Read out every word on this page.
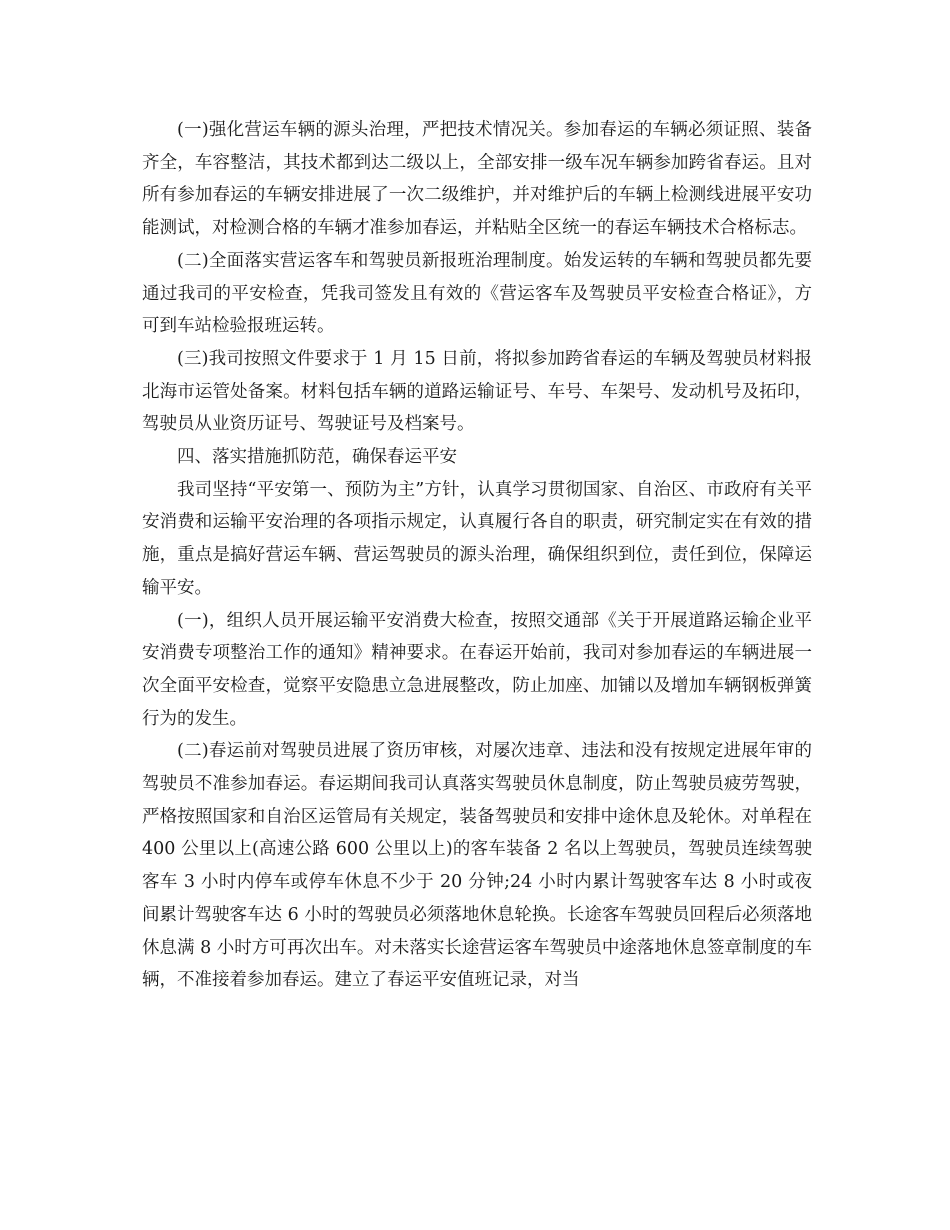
(一)强化营运车辆的源头治理，严把技术情况关。参加春运的车辆必须证照、装备齐全，车容整洁，其技术都到达二级以上，全部安排一级车况车辆参加跨省春运。且对所有参加春运的车辆安排进展了一次二级维护，并对维护后的车辆上检测线进展平安功能测试，对检测合格的车辆才准参加春运，并粘贴全区统一的春运车辆技术合格标志。

(二)全面落实营运客车和驾驶员新报班治理制度。始发运转的车辆和驾驶员都先要通过我司的平安检查，凭我司签发且有效的《营运客车及驾驶员平安检查合格证》，方可到车站检验报班运转。

(三)我司按照文件要求于 1 月 15 日前，将拟参加跨省春运的车辆及驾驶员材料报北海市运管处备案。材料包括车辆的道路运输证号、车号、车架号、发动机号及拓印，驾驶员从业资历证号、驾驶证号及档案号。

四、落实措施抓防范，确保春运平安

我司坚持“平安第一、预防为主”方针，认真学习贯彻国家、自治区、市政府有关平安消费和运输平安治理的各项指示规定，认真履行各自的职责，研究制定实在有效的措施，重点是搞好营运车辆、营运驾驶员的源头治理，确保组织到位，责任到位，保障运输平安。

(一)，组织人员开展运输平安消费大检查，按照交通部《关于开展道路运输企业平安消费专项整治工作的通知》精神要求。在春运开始前，我司对参加春运的车辆进展一次全面平安检查，觉察平安隐患立急进展整改，防止加座、加铺以及增加车辆钢板弹簧行为的发生。

(二)春运前对驾驶员进展了资历审核，对屡次违章、违法和没有按规定进展年审的驾驶员不准参加春运。春运期间我司认真落实驾驶员休息制度，防止驾驶员疲劳驾驶，严格按照国家和自治区运管局有关规定，装备驾驶员和安排中途休息及轮休。对单程在 400 公里以上(高速公路 600 公里以上)的客车装备 2 名以上驾驶员，驾驶员连续驾驶客车 3 小时内停车或停车休息不少于 20 分钟;24 小时内累计驾驶客车达 8 小时或夜间累计驾驶客车达 6 小时的驾驶员必须落地休息轮换。长途客车驾驶员回程后必须落地休息满 8 小时方可再次出车。对未落实长途营运客车驾驶员中途落地休息签章制度的车辆，不准接着参加春运。建立了春运平安值班记录，对当
